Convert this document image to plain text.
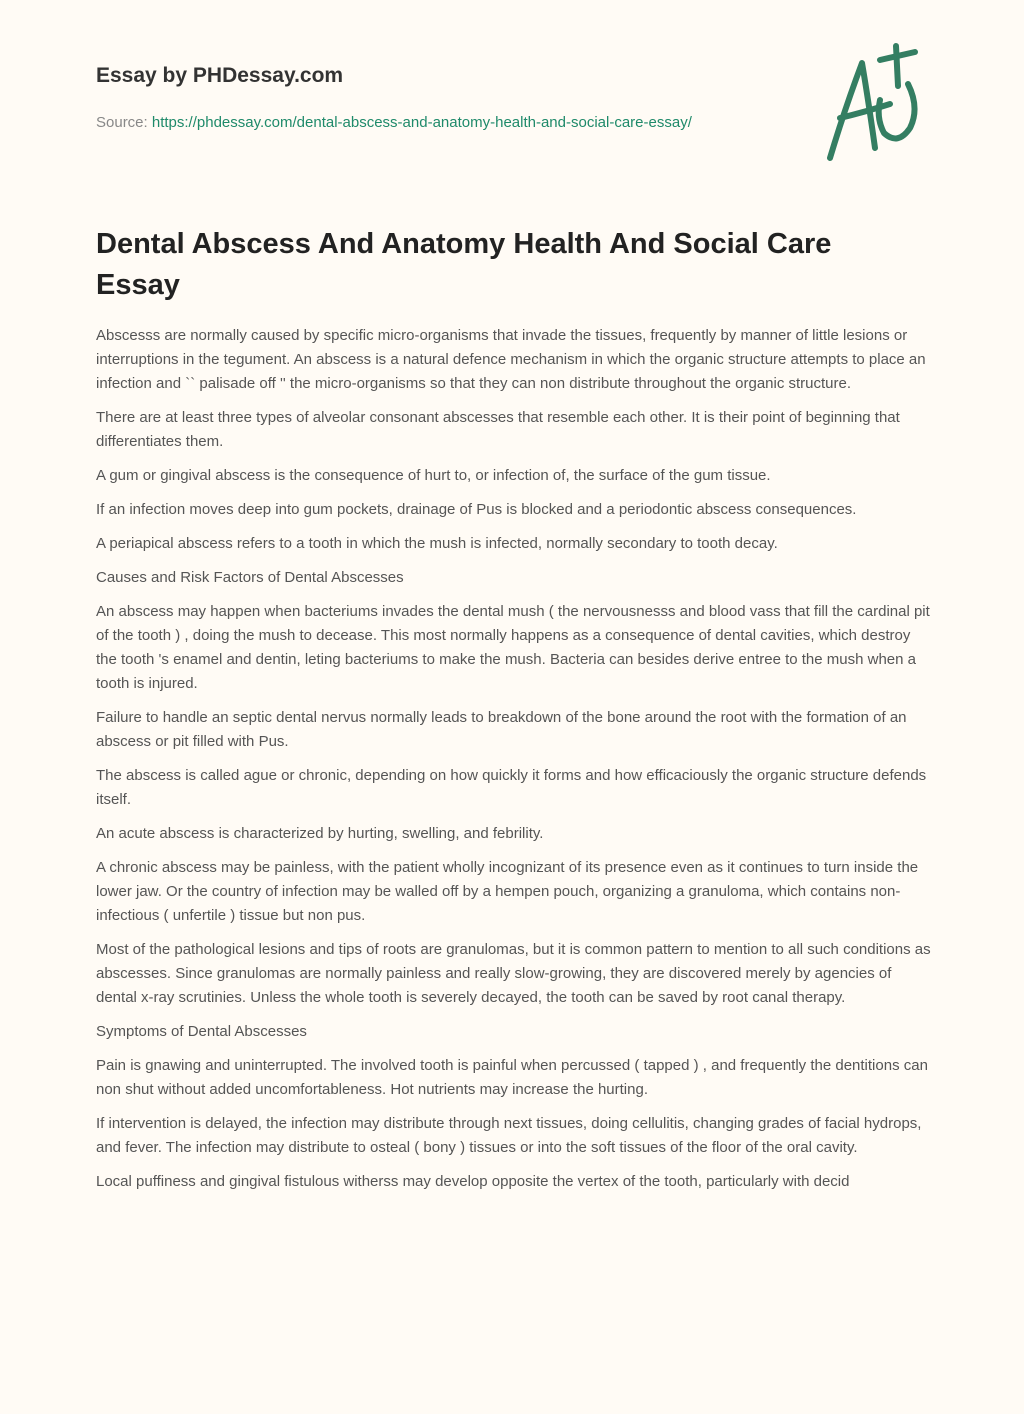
Essay by PHDessay.com
Source: https://phdessay.com/dental-abscess-and-anatomy-health-and-social-care-essay/
Dental Abscess And Anatomy Health And Social Care Essay

Abscesss are normally caused by specific micro-organisms that invade the tissues, frequently by manner of little lesions or interruptions in the tegument. An abscess is a natural defence mechanism in which the organic structure attempts to place an infection and `` palisade off '' the micro-organisms so that they can non distribute throughout the organic structure.

There are at least three types of alveolar consonant abscesses that resemble each other. It is their point of beginning that differentiates them.

A gum or gingival abscess is the consequence of hurt to, or infection of, the surface of the gum tissue.

If an infection moves deep into gum pockets, drainage of Pus is blocked and a periodontic abscess consequences.

A periapical abscess refers to a tooth in which the mush is infected, normally secondary to tooth decay.

Causes and Risk Factors of Dental Abscesses

An abscess may happen when bacteriums invades the dental mush ( the nervousnesss and blood vass that fill the cardinal pit of the tooth ) , doing the mush to decease. This most normally happens as a consequence of dental cavities, which destroy the tooth 's enamel and dentin, leting bacteriums to make the mush. Bacteria can besides derive entree to the mush when a tooth is injured.

Failure to handle an septic dental nervus normally leads to breakdown of the bone around the root with the formation of an abscess or pit filled with Pus.

The abscess is called ague or chronic, depending on how quickly it forms and how efficaciously the organic structure defends itself.

An acute abscess is characterized by hurting, swelling, and febrility.

A chronic abscess may be painless, with the patient wholly incognizant of its presence even as it continues to turn inside the lower jaw. Or the country of infection may be walled off by a hempen pouch, organizing a granuloma, which contains non-infectious ( unfertile ) tissue but non pus.

Most of the pathological lesions and tips of roots are granulomas, but it is common pattern to mention to all such conditions as abscesses. Since granulomas are normally painless and really slow-growing, they are discovered merely by agencies of dental x-ray scrutinies. Unless the whole tooth is severely decayed, the tooth can be saved by root canal therapy.

Symptoms of Dental Abscesses

Pain is gnawing and uninterrupted. The involved tooth is painful when percussed ( tapped ) , and frequently the dentitions can non shut without added uncomfortableness. Hot nutrients may increase the hurting.

If intervention is delayed, the infection may distribute through next tissues, doing cellulitis, changing grades of facial hydrops, and fever. The infection may distribute to osteal ( bony ) tissues or into the soft tissues of the floor of the oral cavity.

Local puffiness and gingival fistulous witherss may develop opposite the vertex of the tooth, particularly with decid
